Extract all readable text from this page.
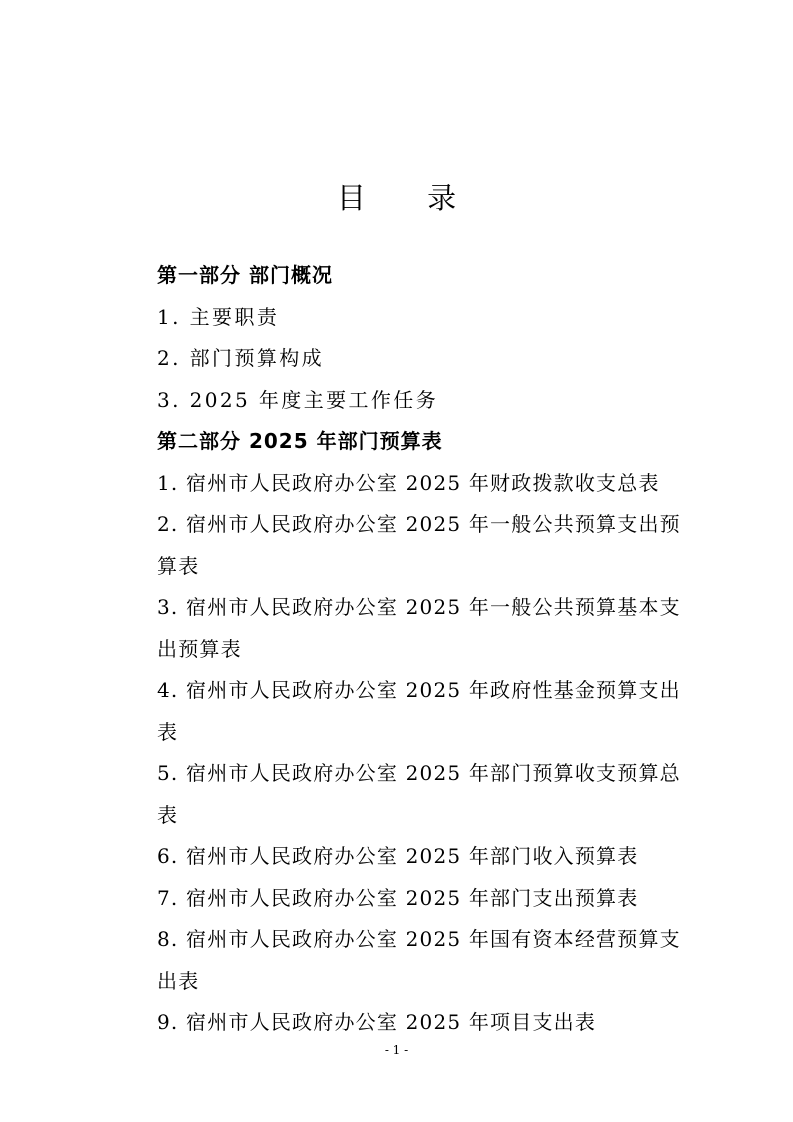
目 录
第一部分 部门概况
1. 主要职责
2. 部门预算构成
3. 2025 年度主要工作任务
第二部分 2025 年部门预算表
1. 宿州市人民政府办公室 2025 年财政拨款收支总表
2. 宿州市人民政府办公室 2025 年一般公共预算支出预算表
3. 宿州市人民政府办公室 2025 年一般公共预算基本支出预算表
4. 宿州市人民政府办公室 2025 年政府性基金预算支出表
5. 宿州市人民政府办公室 2025 年部门预算收支预算总表
6. 宿州市人民政府办公室 2025 年部门收入预算表
7. 宿州市人民政府办公室 2025 年部门支出预算表
8. 宿州市人民政府办公室 2025 年国有资本经营预算支出表
9. 宿州市人民政府办公室 2025 年项目支出表
- 1 -
